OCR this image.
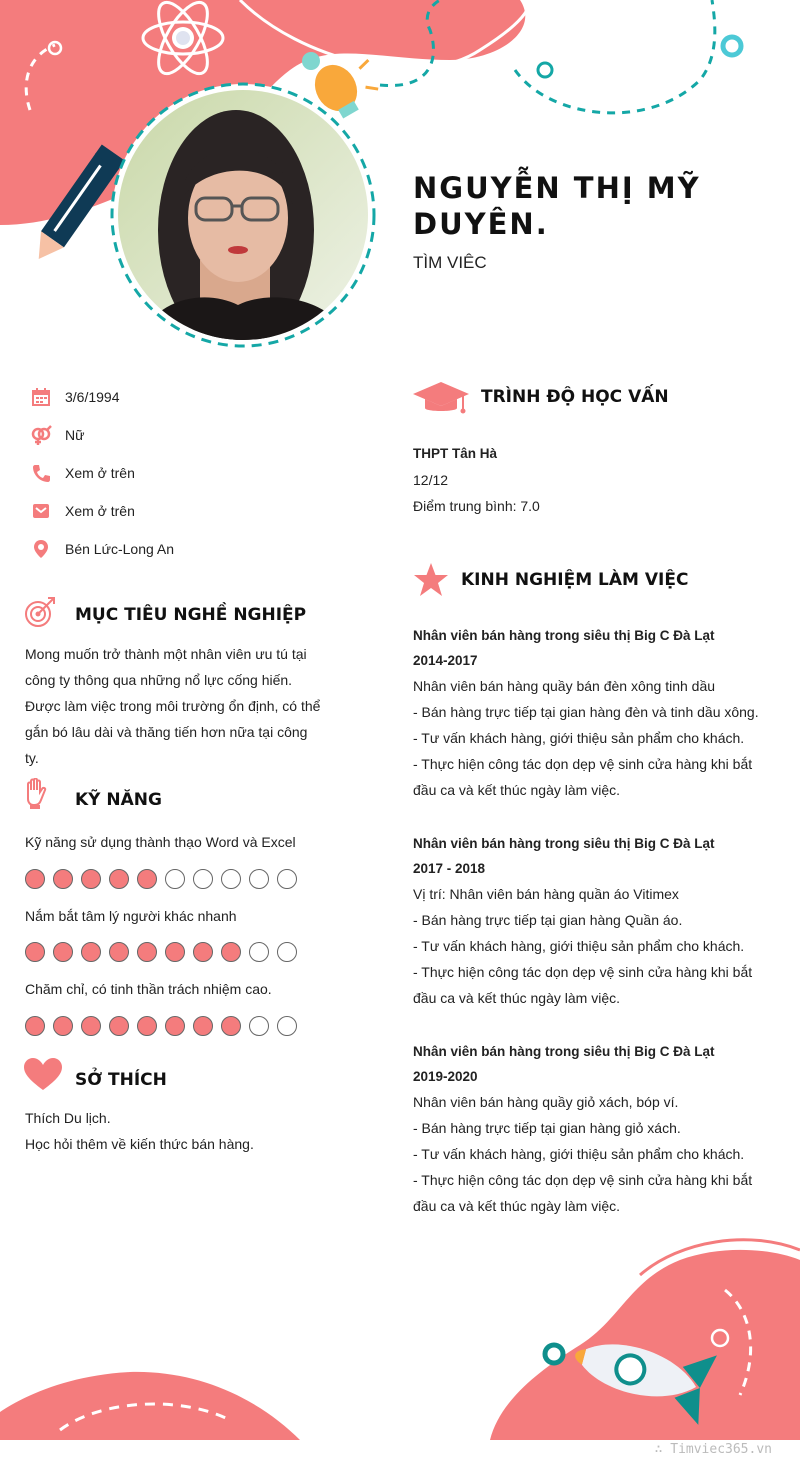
NGUYỄN THỊ MỸ DUYÊN.
TÌM VIÊC
3/6/1994
Nữ
Xem ở trên
Xem ở trên
Bén Lức-Long An
MỤC TIÊU NGHỀ NGHIỆP
Mong muốn trở thành một nhân viên ưu tú tại
công ty thông qua những nổ lực cống hiến.
Được làm việc trong môi trường ổn định, có thể
gắn bó lâu dài và thăng tiến hơn nữa tại công
ty.
KỸ NĂNG
Kỹ năng sử dụng thành thạo Word và Excel
Nắm bắt tâm lý người khác nhanh
Chăm chỉ, có tinh thần trách nhiệm cao.
SỞ THÍCH
Thích Du lịch.
Học hỏi thêm về kiến thức bán hàng.
TRÌNH ĐỘ HỌC VẤN
THPT Tân Hà
12/12
Điểm trung bình: 7.0
KINH NGHIỆM LÀM VIỆC
Nhân viên bán hàng trong siêu thị Big C Đà Lạt
2014-2017
Nhân viên bán hàng quầy bán đèn xông tinh dầu
- Bán hàng trực tiếp tại gian hàng đèn và tinh dầu xông.
- Tư vấn khách hàng, giới thiệu sản phẩm cho khách.
- Thực hiện công tác dọn dẹp vệ sinh cửa hàng khi bắt
đầu ca và kết thúc ngày làm việc.
Nhân viên bán hàng trong siêu thị Big C Đà Lạt
2017 - 2018
Vị trí: Nhân viên bán hàng quần áo Vitimex
- Bán hàng trực tiếp tại gian hàng Quần áo.
- Tư vấn khách hàng, giới thiệu sản phẩm cho khách.
- Thực hiện công tác dọn dẹp vệ sinh cửa hàng khi bắt
đầu ca và kết thúc ngày làm việc.
Nhân viên bán hàng trong siêu thị Big C Đà Lạt
2019-2020
Nhân viên bán hàng quầy giỏ xách, bóp ví.
- Bán hàng trực tiếp tại gian hàng giỏ xách.
- Tư vấn khách hàng, giới thiệu sản phẩm cho khách.
- Thực hiện công tác dọn dẹp vệ sinh cửa hàng khi bắt
đầu ca và kết thúc ngày làm việc.
∴ Timviec365.vn
